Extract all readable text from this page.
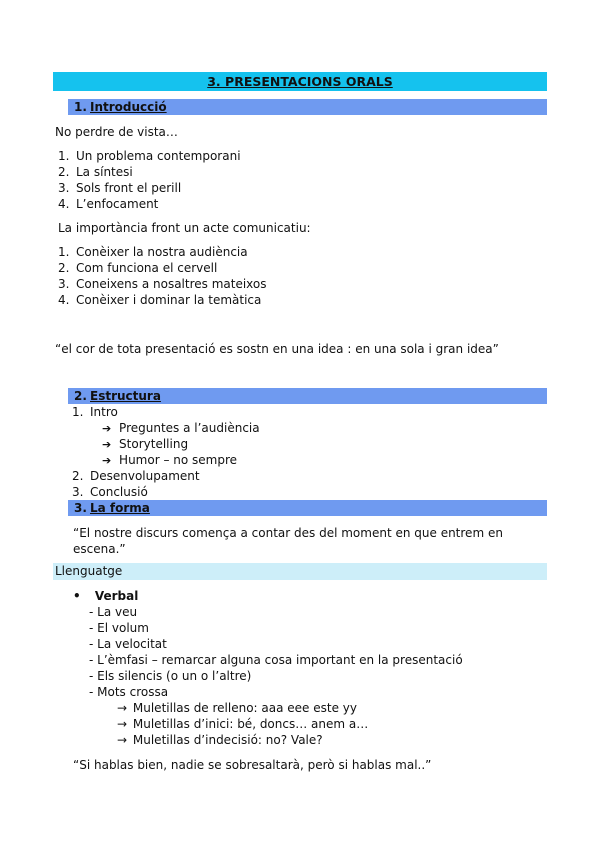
3. PRESENTACIONS ORALS
1. Introducció
No perdre de vista…
1. Un problema contemporani
2. La síntesi
3. Sols front el perill
4. L’enfocament
La importància front un acte comunicatiu:
1. Conèixer la nostra audiència
2. Com funciona el cervell
3. Coneixens a nosaltres mateixos
4. Conèixer i dominar la temàtica
“el cor de tota presentació es sostn en una idea : en una sola i gran idea”
2. Estructura
1. Intro
➔ Preguntes a l’audiència
➔ Storytelling
➔ Humor – no sempre
2. Desenvolupament
3. Conclusió
3. La forma
“El nostre discurs comença a contar des del moment en que entrem en
escena.”
Llenguatge
• Verbal
- La veu
- El volum
- La velocitat
- L’èmfasi – remarcar alguna cosa important en la presentació
- Els silencis (o un o l’altre)
- Mots crossa
→ Muletillas de relleno: aaa eee este yy
→ Muletillas d’inici: bé, doncs… anem a…
→ Muletillas d’indecisió: no? Vale?
“Si hablas bien, nadie se sobresaltarà, però si hablas mal..”
